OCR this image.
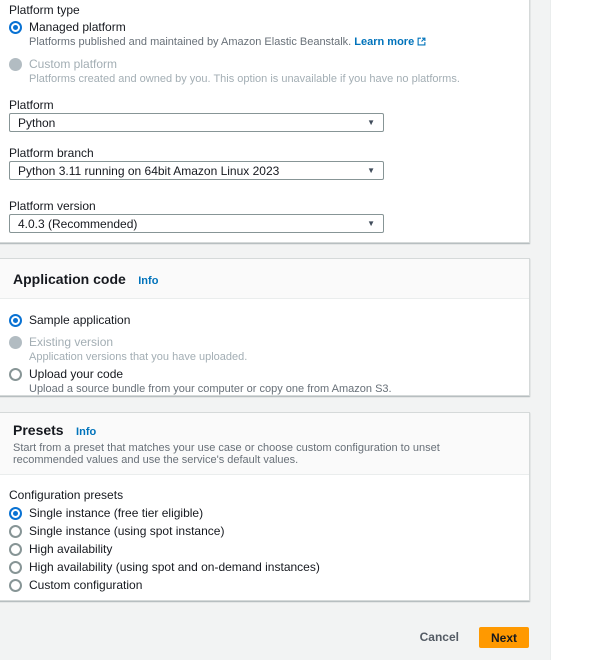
Platform type
Managed platform
Platforms published and maintained by Amazon Elastic Beanstalk. Learn more
Custom platform
Platforms created and owned by you. This option is unavailable if you have no platforms.
Platform
Python	▼
Platform branch
Python 3.11 running on 64bit Amazon Linux 2023	▼
Platform version
4.0.3 (Recommended)	▼
Application code Info
Sample application
Existing version
Application versions that you have uploaded.
Upload your code
Upload a source bundle from your computer or copy one from Amazon S3.
Presets Info
Start from a preset that matches your use case or choose custom configuration to unset recommended values and use the service's default values.
Configuration presets
Single instance (free tier eligible)
Single instance (using spot instance)
High availability
High availability (using spot and on-demand instances)
Custom configuration
Cancel	Next
